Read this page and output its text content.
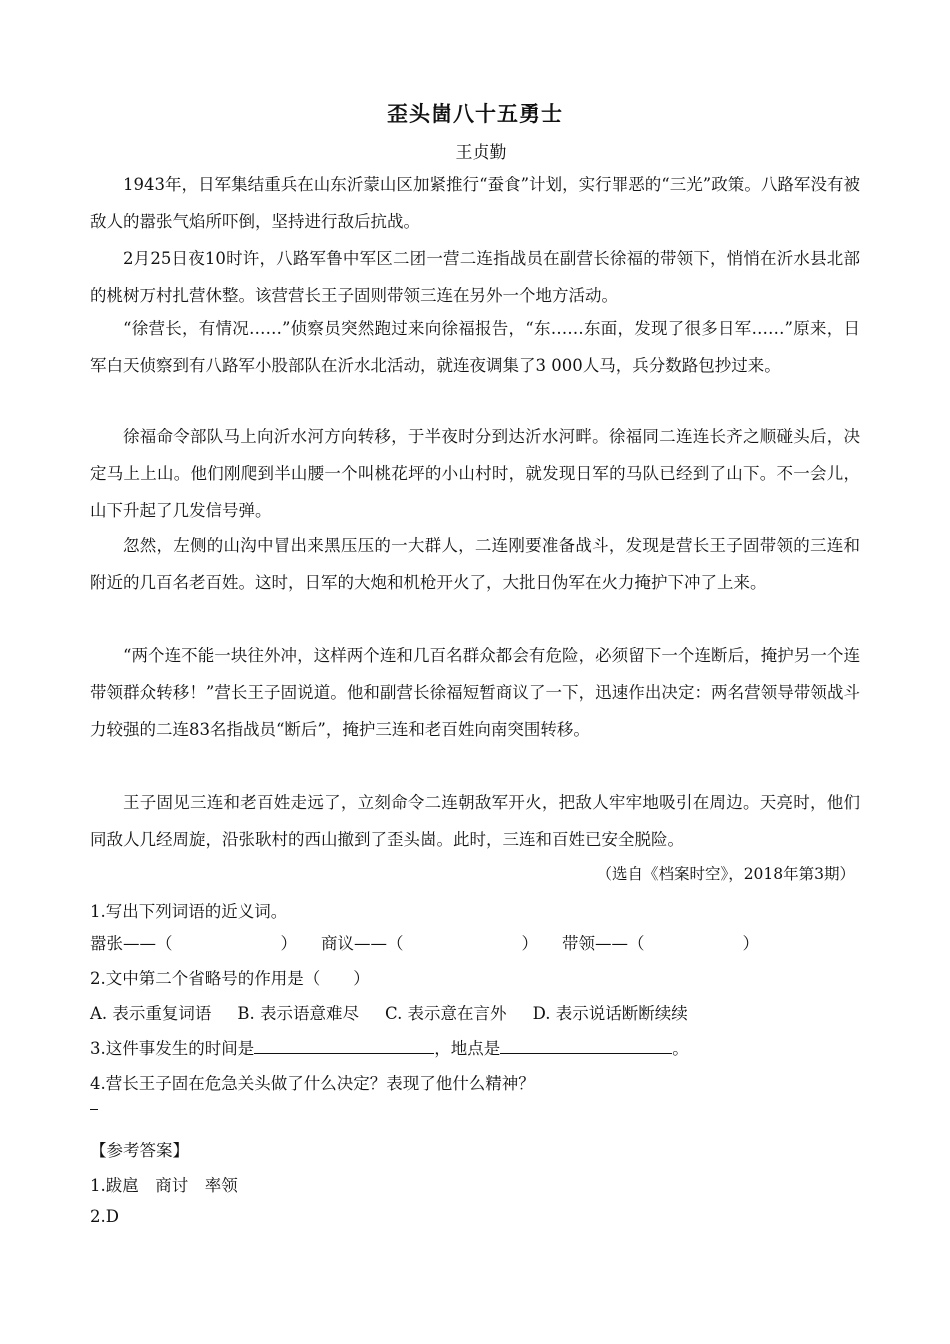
歪头崮八十五勇士
王贞勤

1943年，日军集结重兵在山东沂蒙山区加紧推行“蚕食”计划，实行罪恶的“三光”政策。八路军没有被敌人的嚣张气焰所吓倒，坚持进行敌后抗战。

2月25日夜10时许，八路军鲁中军区二团一营二连指战员在副营长徐福的带领下，悄悄在沂水县北部的桃树万村扎营休整。该营营长王子固则带领三连在另外一个地方活动。

“徐营长，有情况……”侦察员突然跑过来向徐福报告，“东……东面，发现了很多日军……”原来，日军白天侦察到有八路军小股部队在沂水北活动，就连夜调集了3 000人马，兵分数路包抄过来。

徐福命令部队马上向沂水河方向转移，于半夜时分到达沂水河畔。徐福同二连连长齐之顺碰头后，决定马上上山。他们刚爬到半山腰一个叫桃花坪的小山村时，就发现日军的马队已经到了山下。不一会儿，山下升起了几发信号弹。

忽然，左侧的山沟中冒出来黑压压的一大群人，二连刚要准备战斗，发现是营长王子固带领的三连和附近的几百名老百姓。这时，日军的大炮和机枪开火了，大批日伪军在火力掩护下冲了上来。

“两个连不能一块往外冲，这样两个连和几百名群众都会有危险，必须留下一个连断后，掩护另一个连带领群众转移！”营长王子固说道。他和副营长徐福短暂商议了一下，迅速作出决定：两名营领导带领战斗力较强的二连83名指战员“断后”，掩护三连和老百姓向南突围转移。

王子固见三连和老百姓走远了，立刻命令二连朝敌军开火，把敌人牢牢地吸引在周边。天亮时，他们同敌人几经周旋，沿张耿村的西山撤到了歪头崮。此时，三连和百姓已安全脱险。

（选自《档案时空》，2018年第3期）
1.写出下列词语的近义词。
嚣张——（	） 商议——（	） 带领——（	）
2.文中第二个省略号的作用是（　　）
A. 表示重复词语 B. 表示语意难尽 C. 表示意在言外 D. 表示说话断断续续
3.这件事发生的时间是	，地点是	。
4.营长王子固在危急关头做了什么决定？表现了他什么精神？
【参考答案】
1.跋扈　商讨　率领
2.D
